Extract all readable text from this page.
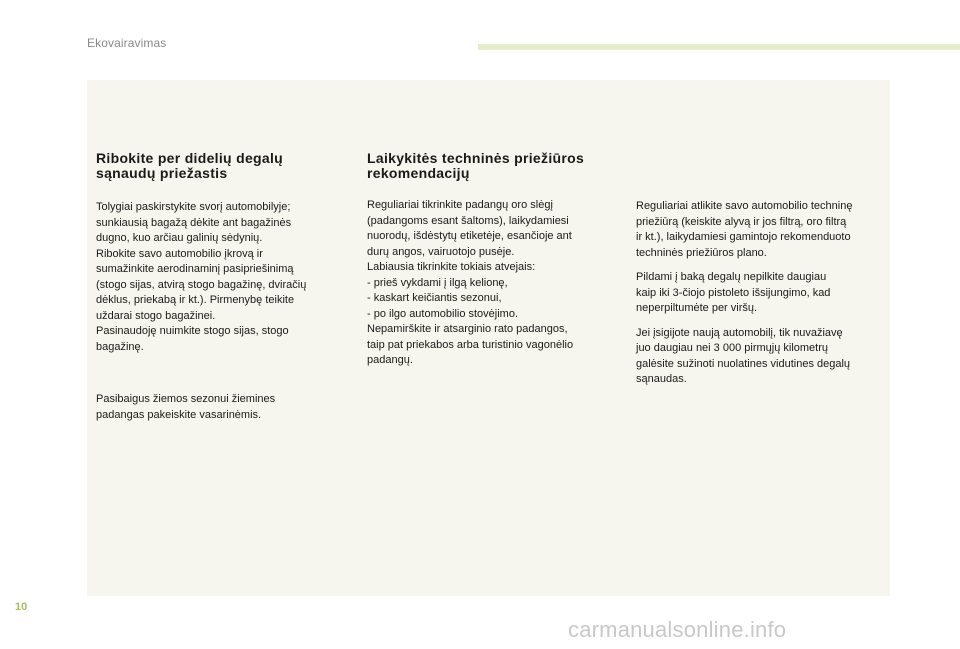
Ekovairavimas
Ribokite per didelių degalų
sąnaudų priežastis

Tolygiai paskirstykite svorį automobilyje;
sunkiausią bagažą dėkite ant bagažinės
dugno, kuo arčiau galinių sėdynių.
Ribokite savo automobilio įkrovą ir
sumažinkite aerodinaminį pasipriešinimą
(stogo sijas, atvirą stogo bagažinę, dviračių
dėklus, priekabą ir kt.). Pirmenybę teikite
uždarai stogo bagažinei.
Pasinaudoję nuimkite stogo sijas, stogo
bagažinę.

Pasibaigus žiemos sezonui žiemines
padangas pakeiskite vasarinėmis.

Laikykitės techninės priežiūros
rekomendacijų

Reguliariai tikrinkite padangų oro slėgį
(padangoms esant šaltoms), laikydamiesi
nuorodų, išdėstytų etiketėje, esančioje ant
durų angos, vairuotojo pusėje.
Labiausia tikrinkite tokiais atvejais:
- prieš vykdami į ilgą kelionę,
- kaskart keičiantis sezonui,
- po ilgo automobilio stovėjimo.
Nepamirškite ir atsarginio rato padangos,
taip pat priekabos arba turistinio vagonėlio
padangų.

Reguliariai atlikite savo automobilio techninę
priežiūrą (keiskite alyvą ir jos filtrą, oro filtrą
ir kt.), laikydamiesi gamintojo rekomenduoto
techninės priežiūros plano.

Pildami į baką degalų nepilkite daugiau
kaip iki 3-čiojo pistoleto išsijungimo, kad
neperpiltumėte per viršų.

Jei įsigijote naują automobilį, tik nuvažiavę
juo daugiau nei 3 000 pirmųjų kilometrų
galėsite sužinoti nuolatines vidutines degalų
sąnaudas.

10
carmanualsonline.info
